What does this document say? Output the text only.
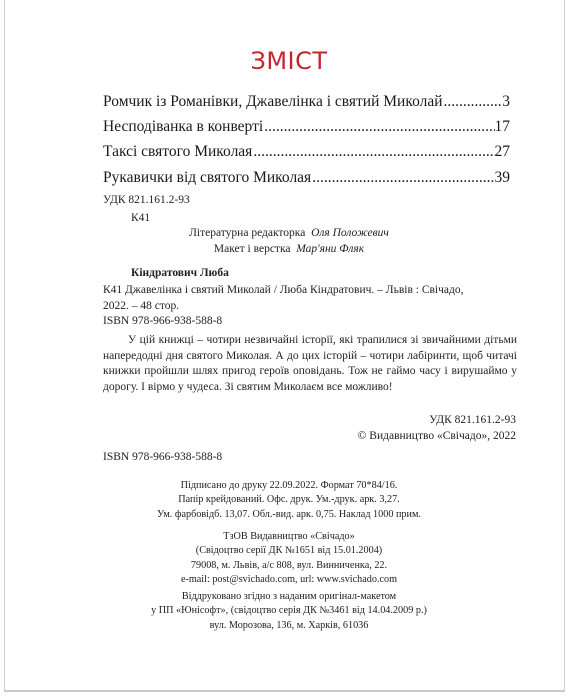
ЗМІСТ
Ромчик із Романівки, Джавелінка і святий Миколай .....	3
Несподіванка в конверті .....	17
Таксі святого Миколая .....	27
Рукавички від святого Миколая .....	39
УДК 821.161.2-93
К41
Літературна редакторка Оля Положевич
Макет і верстка Мар'яни Фляк
Кіндратович Люба
К41 Джавелінка і святий Миколай / Люба Кіндратович. – Львів : Свічадо,
2022. – 48 стор.
ISBN 978-966-938-588-8
У цій книжці – чотири незвичайні історії, які трапилися зі звичайними дітьми напередодні дня святого Миколая. А до цих історій – чотири лабіринти, щоб читачі книжки пройшли шлях пригод героїв оповідань. Тож не гаймо часу і вирушаймо у дорогу. І вірмо у чудеса. Зі святим Миколаєм все можливо!
УДК 821.161.2-93
© Видавництво «Свічадо», 2022
ISBN 978-966-938-588-8
Підписано до друку 22.09.2022. Формат 70*84/16.
Папір крейдований. Офс. друк. Ум.-друк. арк. 3,27.
Ум. фарбовідб. 13,07. Обл.-вид. арк. 0,75. Наклад 1000 прим.
ТзОВ Видавництво «Свічадо»
(Свідоцтво серії ДК №1651 від 15.01.2004)
79008, м. Львів, а/с 808, вул. Винниченка, 22.
e-mail: post@svichado.com, url: www.svichado.com
Віддруковано згідно з наданим оригінал-макетом
у ПП «Юнісофт», (свідоцтво серія ДК №3461 від 14.04.2009 р.)
вул. Морозова, 136, м. Харків, 61036
